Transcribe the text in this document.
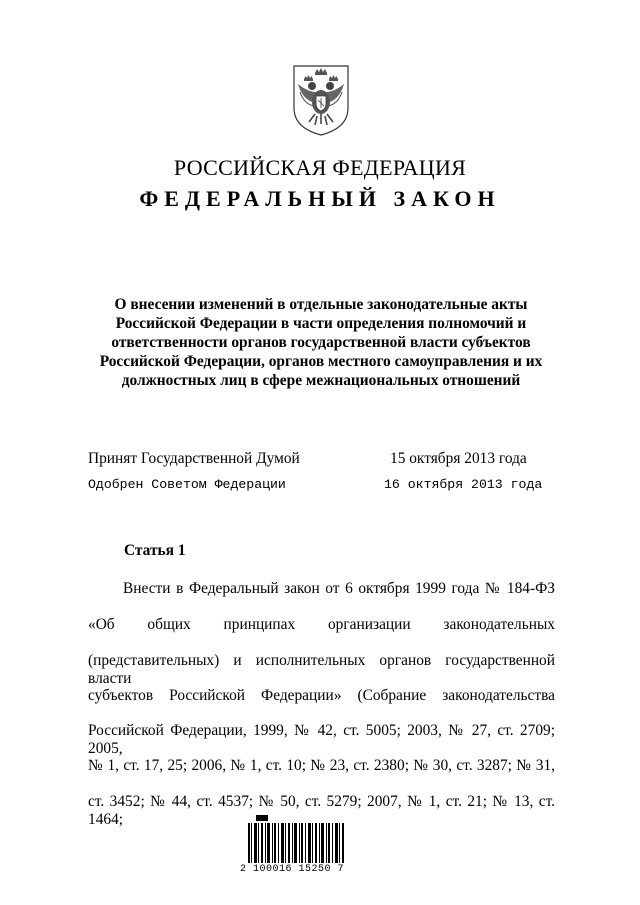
РОССИЙСКАЯ ФЕДЕРАЦИЯ
ФЕДЕРАЛЬНЫЙ ЗАКОН
О внесении изменений в отдельные законодательные акты
Российской Федерации в части определения полномочий и
ответственности органов государственной власти субъектов
Российской Федерации, органов местного самоуправления и их
должностных лиц в сфере межнациональных отношений
Принят Государственной Думой	15 октября 2013 года
Одобрен Советом Федерации	16 октября 2013 года
Статья 1
Внести в Федеральный закон от 6 октября 1999 года № 184-ФЗ
«Об общих принципах организации законодательных
(представительных) и исполнительных органов государственной власти
субъектов Российской Федерации» (Собрание законодательства
Российской Федерации, 1999, № 42, ст. 5005; 2003, № 27, ст. 2709; 2005,
№ 1, ст. 17, 25; 2006, № 1, ст. 10; № 23, ст. 2380; № 30, ст. 3287; № 31,
ст. 3452; № 44, ст. 4537; № 50, ст. 5279; 2007, № 1, ст. 21; № 13, ст. 1464;
2 100016 15250 7
